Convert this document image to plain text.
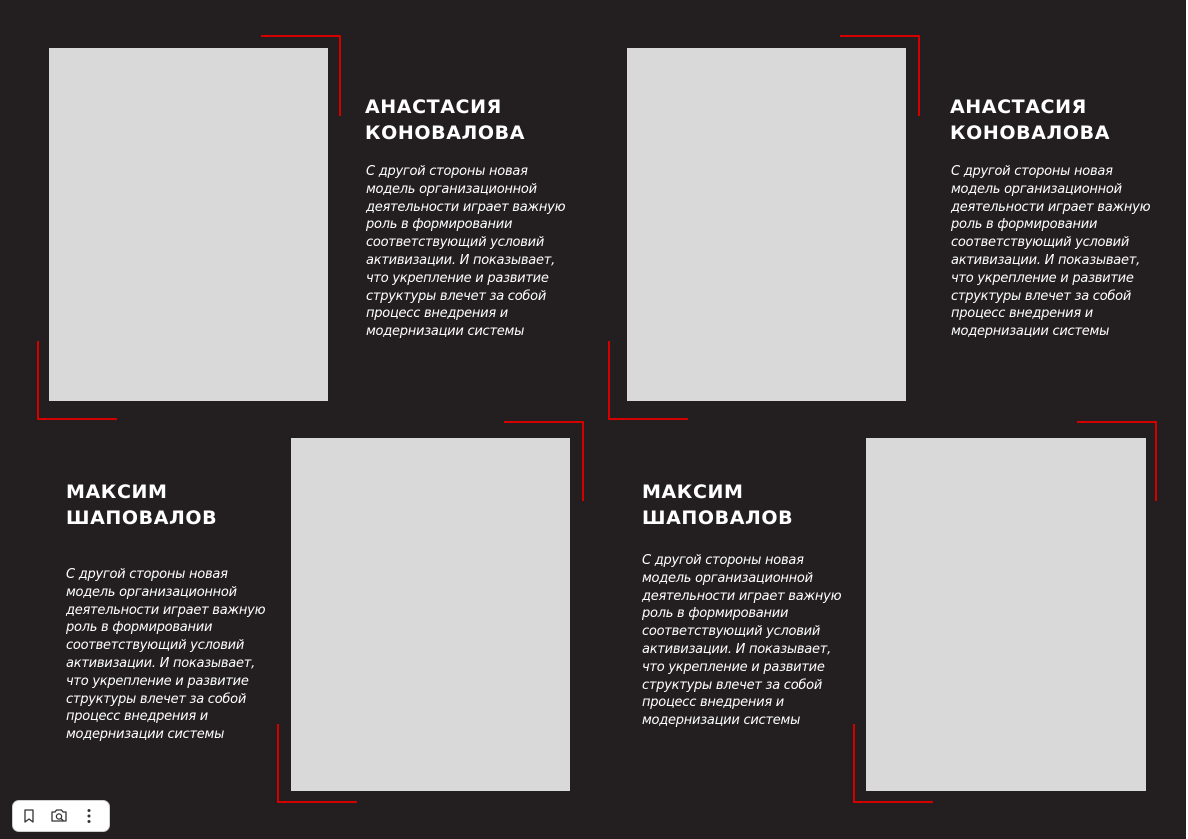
АНАСТАСИЯ
КОНОВАЛОВА

С другой стороны новая модель организационной деятельности играет важную роль в формировании соответствующий условий активизации. И показывает, что укрепление и развитие структуры влечет за собой процесс внедрения и модернизации системы

АНАСТАСИЯ
КОНОВАЛОВА

С другой стороны новая модель организационной деятельности играет важную роль в формировании соответствующий условий активизации. И показывает, что укрепление и развитие структуры влечет за собой процесс внедрения и модернизации системы

МАКСИМ
ШАПОВАЛОВ

С другой стороны новая модель организационной деятельности играет важную роль в формировании соответствующий условий активизации. И показывает, что укрепление и развитие структуры влечет за собой процесс внедрения и модернизации системы

МАКСИМ
ШАПОВАЛОВ

С другой стороны новая модель организационной деятельности играет важную роль в формировании соответствующий условий активизации. И показывает, что укрепление и развитие структуры влечет за собой процесс внедрения и модернизации системы
